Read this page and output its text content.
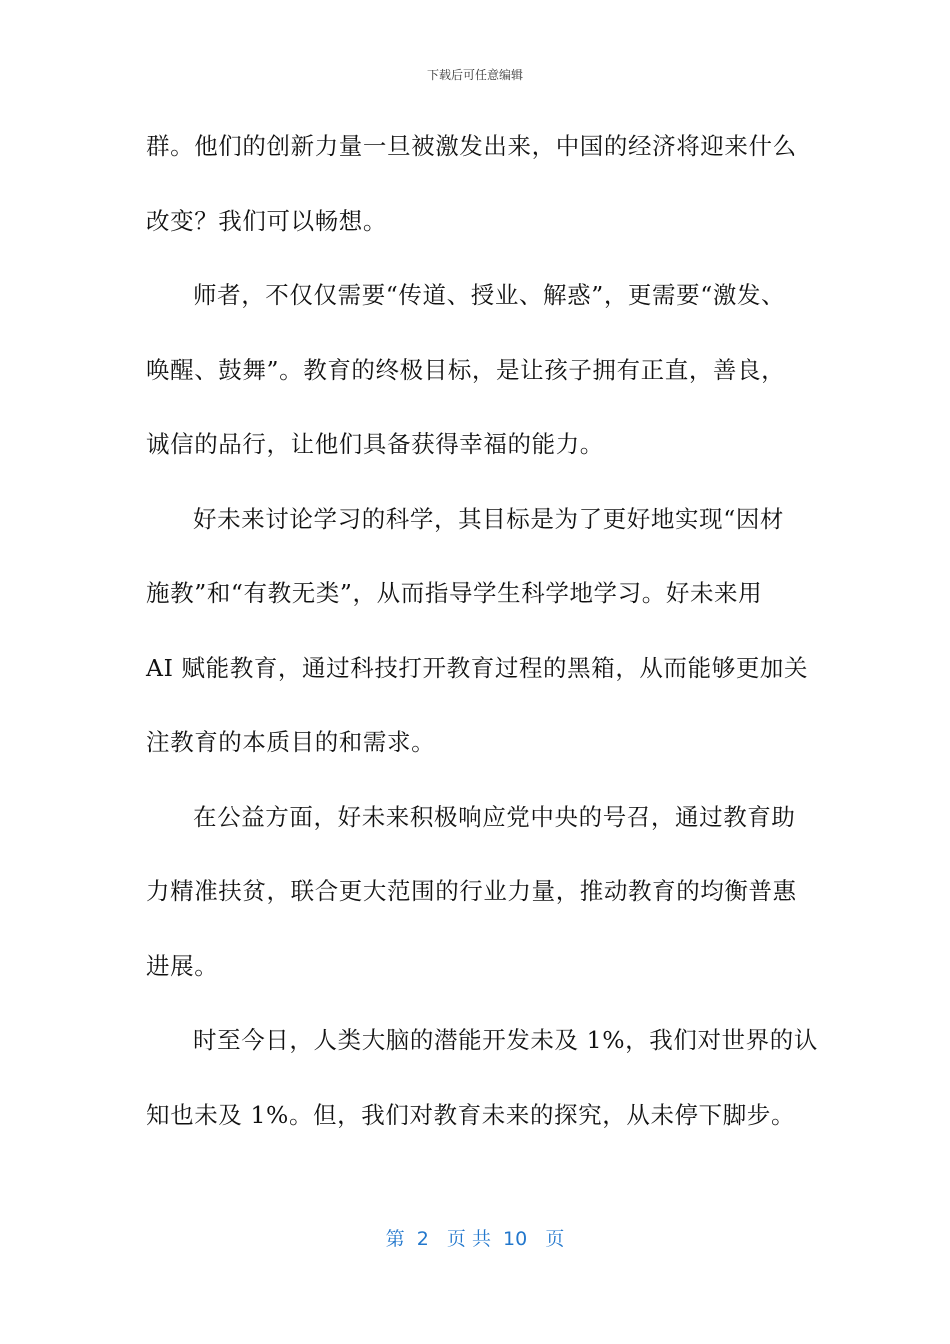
下载后可任意编辑
群。他们的创新力量一旦被激发出来，中国的经济将迎来什么
改变？我们可以畅想。
师者，不仅仅需要“传道、授业、解惑”，更需要“激发、
唤醒、鼓舞”。教育的终极目标，是让孩子拥有正直，善良，
诚信的品行，让他们具备获得幸福的能力。
好未来讨论学习的科学，其目标是为了更好地实现“因材
施教”和“有教无类”，从而指导学生科学地学习。好未来用
AI 赋能教育，通过科技打开教育过程的黑箱，从而能够更加关
注教育的本质目的和需求。
在公益方面，好未来积极响应党中央的号召，通过教育助
力精准扶贫，联合更大范围的行业力量，推动教育的均衡普惠
进展。
时至今日，人类大脑的潜能开发未及 1%，我们对世界的认
知也未及 1%。但，我们对教育未来的探究，从未停下脚步。
第  2   页 共  10   页
